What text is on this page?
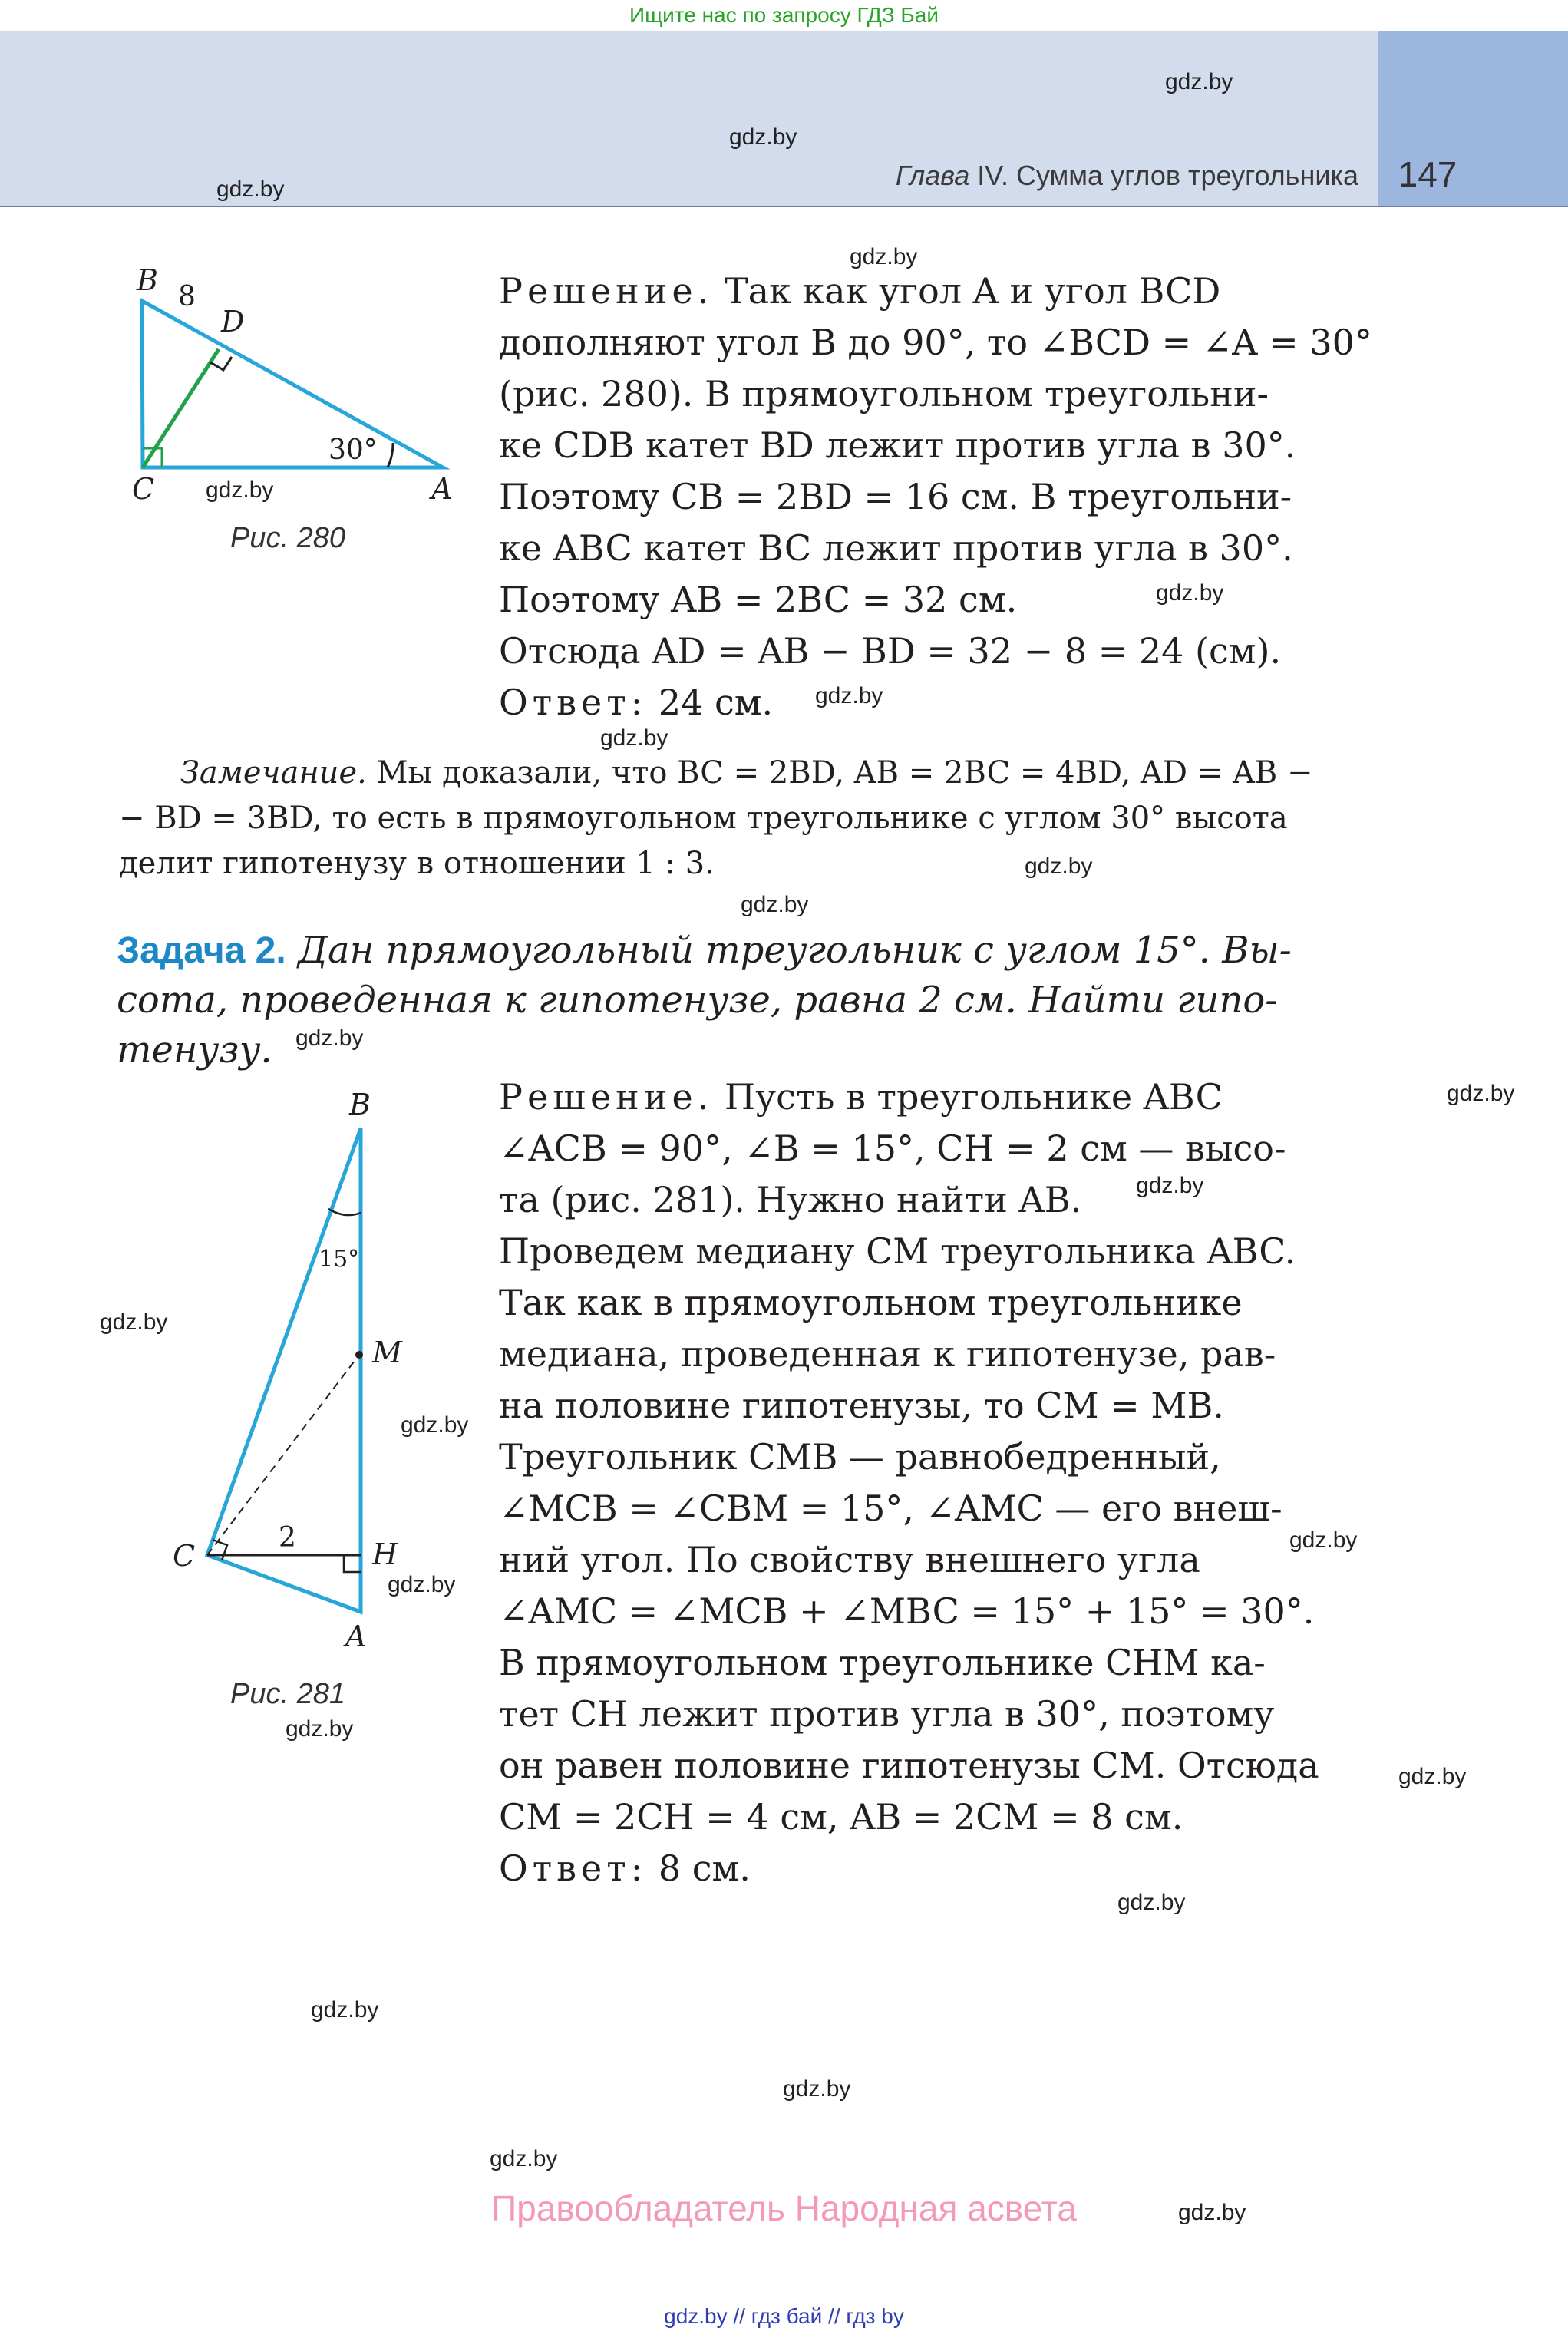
Ищите нас по запросу ГДЗ Бай
Глава IV. Сумма углов треугольника	147
gdz.by
gdz.by
gdz.by
gdz.by
gdz.by
gdz.by
gdz.by
gdz.by
gdz.by
gdz.by
gdz.by
gdz.by
gdz.by
gdz.by
gdz.by
gdz.by
gdz.by
gdz.by
gdz.by
gdz.by
gdz.by
gdz.by
gdz.by
gdz.by
B 8
D
C
30°
A
Рис. 280

Решение. Так как угол A и угол BCD

дополняют угол B до 90°, то ∠BCD = ∠A = 30°

(рис. 280). В прямоугольном треугольни-

ке CDB катет BD лежит против угла в 30°.

Поэтому CB = 2BD = 16 см. В треугольни-

ке ABC катет BC лежит против угла в 30°.

Поэтому AB = 2BC = 32 см.

Отсюда AD = AB − BD = 32 − 8 = 24 (см).

Ответ: 24 см.

Замечание. Мы доказали, что BC = 2BD, AB = 2BC = 4BD, AD = AB −
− BD = 3BD, то есть в прямоугольном треугольнике с углом 30° высота
делит гипотенузу в отношении 1 : 3.
Задача 2. Дан прямоугольный треугольник с углом 15°. Вы-
сота, проведенная к гипотенузе, равна 2 см. Найти гипо-
тенузу.
B
15°
M
2
C	H
A
Рис. 281

Решение. Пусть в треугольнике ABC

∠ACB = 90°, ∠B = 15°, CH = 2 см — высо-

та (рис. 281). Нужно найти AB.

Проведем медиану CM треугольника ABC.

Так как в прямоугольном треугольнике

медиана, проведенная к гипотенузе, рав-

на половине гипотенузы, то CM = MB.

Треугольник CMB — равнобедренный,

∠MCB = ∠CBM = 15°, ∠AMC — его внеш-

ний угол. По свойству внешнего угла

∠AMC = ∠MCB + ∠MBC = 15° + 15° = 30°.

В прямоугольном треугольнике CHM ка-

тет CH лежит против угла в 30°, поэтому

он равен половине гипотенузы CM. Отсюда

CM = 2CH = 4 см, AB = 2CM = 8 см.

Ответ: 8 см.

Правообладатель Народная асвета
gdz.by // гдз бай // гдз by
